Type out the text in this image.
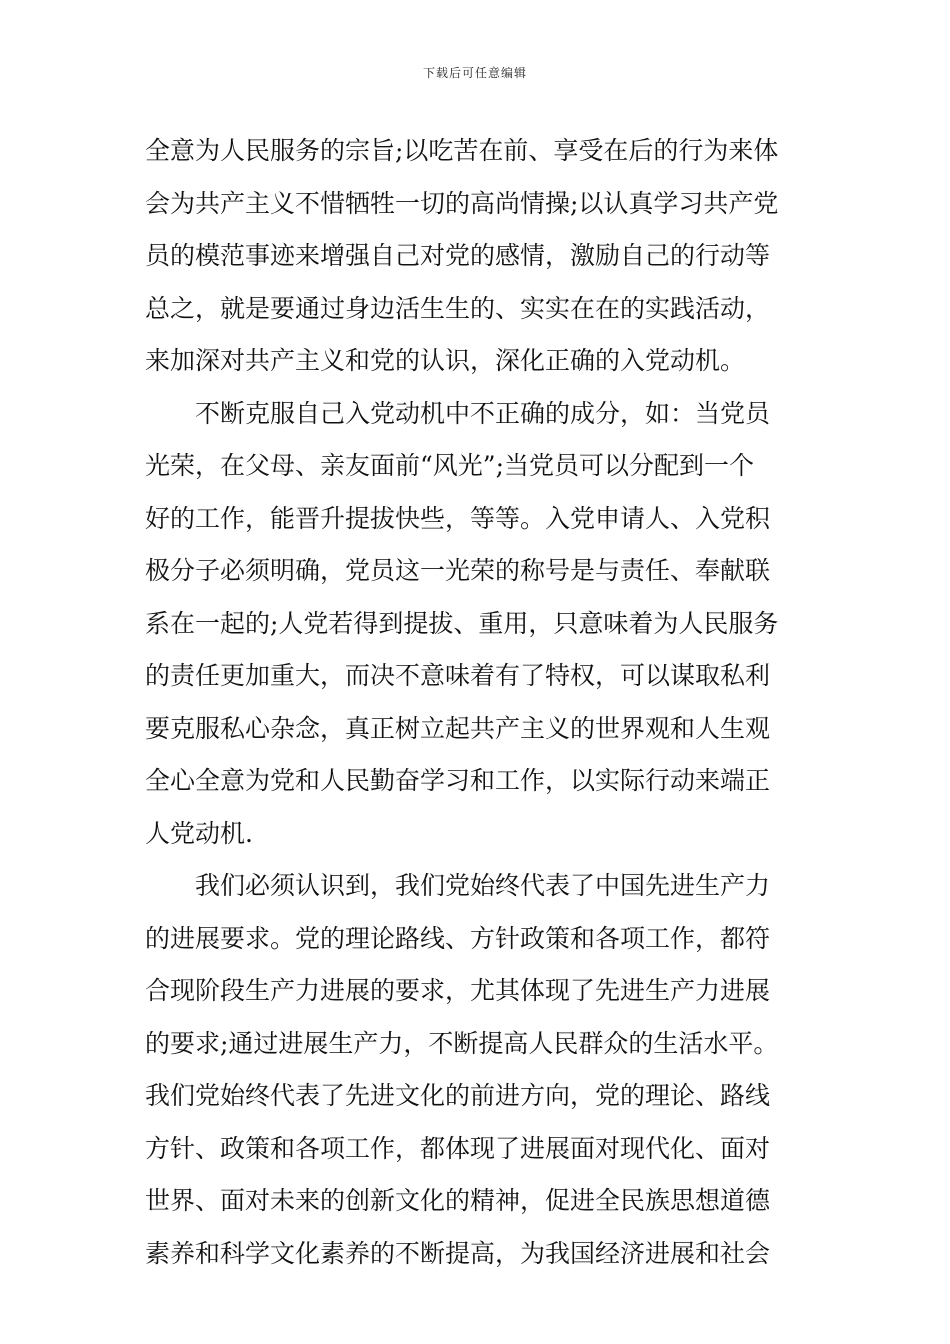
下载后可任意编辑
全意为人民服务的宗旨;以吃苦在前、享受在后的行为来体
会为共产主义不惜牺牲一切的高尚情操;以认真学习共产党
员的模范事迹来增强自己对党的感情，激励自己的行动等
总之，就是要通过身边活生生的、实实在在的实践活动，
来加深对共产主义和党的认识，深化正确的入党动机。
　　不断克服自己入党动机中不正确的成分，如：当党员
光荣，在父母、亲友面前“风光”;当党员可以分配到一个
好的工作，能晋升提拔快些，等等。入党申请人、入党积
极分子必须明确，党员这一光荣的称号是与责任、奉献联
系在一起的;人党若得到提拔、重用，只意味着为人民服务
的责任更加重大，而决不意味着有了特权，可以谋取私利
要克服私心杂念，真正树立起共产主义的世界观和人生观
全心全意为党和人民勤奋学习和工作，以实际行动来端正
人党动机.
　　我们必须认识到，我们党始终代表了中国先进生产力
的进展要求。党的理论路线、方针政策和各项工作，都符
合现阶段生产力进展的要求，尤其体现了先进生产力进展
的要求;通过进展生产力，不断提高人民群众的生活水平。
我们党始终代表了先进文化的前进方向，党的理论、路线
方针、政策和各项工作，都体现了进展面对现代化、面对
世界、面对未来的创新文化的精神，促进全民族思想道德
素养和科学文化素养的不断提高，为我国经济进展和社会
